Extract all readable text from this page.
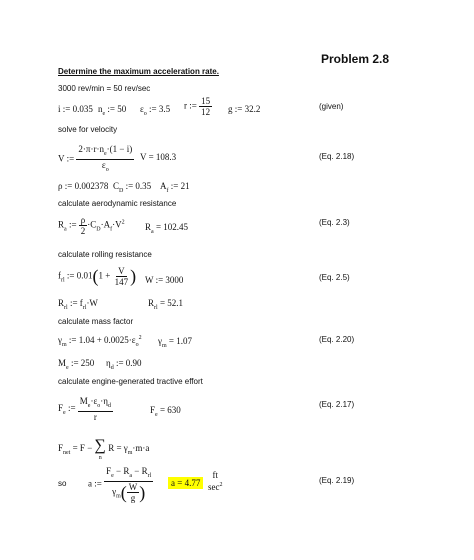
Problem 2.8
Determine the maximum acceleration rate.
3000 rev/min = 50 rev/sec
i := 0.035 $n_e$ := 50 $\varepsilon_o$ := 3.5 r := $\frac{15}{12}$ g := 32.2	(given)
solve for velocity
V := $\frac{2\cdot\pi\cdot r\cdot n_e\cdot(1 - i)}{\varepsilon_o}$ V = 108.3	(Eq. 2.18)
ρ := 0.002378 $C_D$ := 0.35 $A_f$ := 21
calculate aerodynamic resistance
$R_a$ := $\frac{\rho}{2} \cdot C_D\cdot A_f\cdot V^2$ $R_a = 102.45$	(Eq. 2.3)
calculate rolling resistance
$f_{rl}$ := $0.01(1 + \frac{V}{147}$ ) W := 3000	(Eq. 2.5)
$R_{rl}$ := $f_{rl}\cdot W$	$R_{rl} = 52.1$
calculate mass factor
$\gamma_m$ := $1.04 + 0.0025\cdot\varepsilon_o^2$ $\gamma_m = 1.07$	(Eq. 2.20)
$M_e$ := 250 $\eta_d$ := 0.90
calculate engine-generated tractive effort
$F_e$ := $\frac{M_e\cdot\varepsilon_o\cdot\eta_d}{r}$	$F_e = 630$
(Eq. 2.17)
$F_{net} = F$ − ∑
n
$R = \gamma_m\cdot m\cdot a$
so a := $\frac{F_e - R_a - R_{rl}}{\gamma_m( \frac{W}{g} )}$	a = 4.77
ft
$\sec^2$	(Eq. 2.19)
